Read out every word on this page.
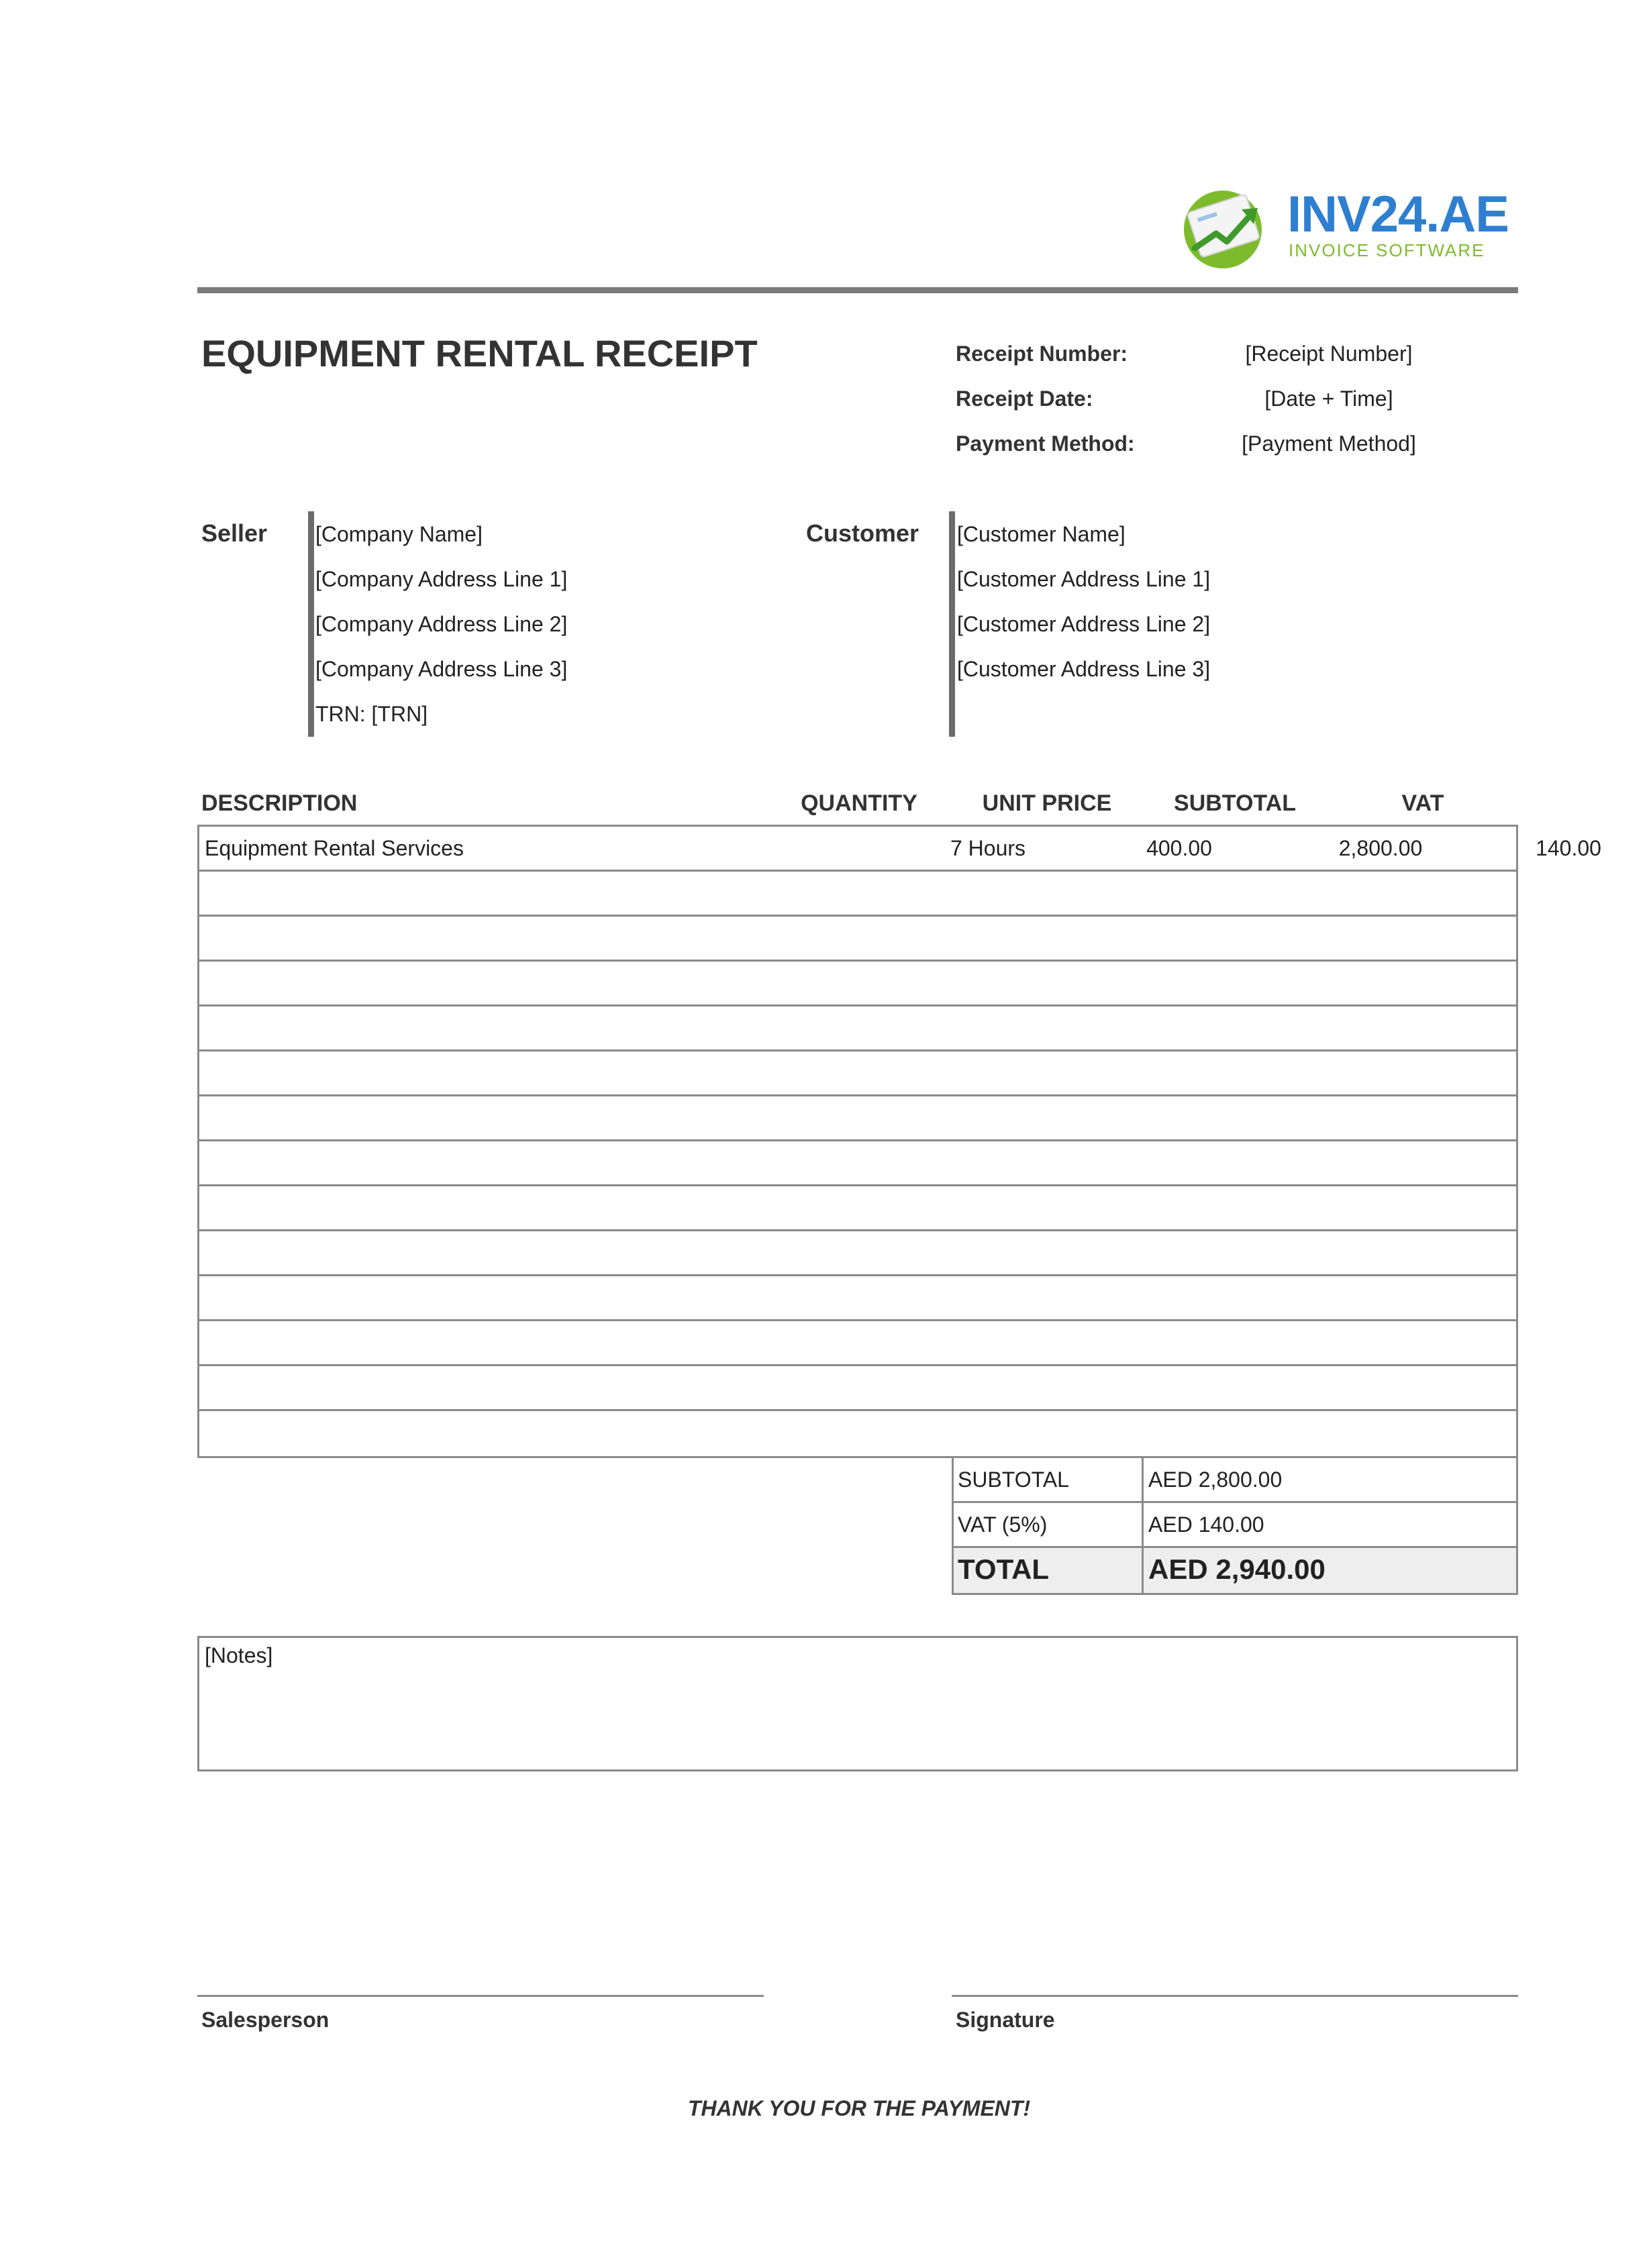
INV24.AE
INVOICE SOFTWARE
EQUIPMENT RENTAL RECEIPT	Receipt Number:	[Receipt Number]
Receipt Date:	[Date + Time]
Payment Method:	[Payment Method]
Seller [Company Name]
[Company Address Line 1]
[Company Address Line 2]
[Company Address Line 3]
TRN: [TRN]
Customer [Customer Name]
[Customer Address Line 1]
[Customer Address Line 2]
[Customer Address Line 3]
DESCRIPTION	QUANTITY	UNIT PRICE	SUBTOTAL	VAT
Equipment Rental Services	7 Hours	400.00	2,800.00	140.00
SUBTOTAL	AED 2,800.00
VAT (5%)	AED 140.00
TOTAL	AED 2,940.00
[Notes]
Salesperson	Signature
THANK YOU FOR THE PAYMENT!
